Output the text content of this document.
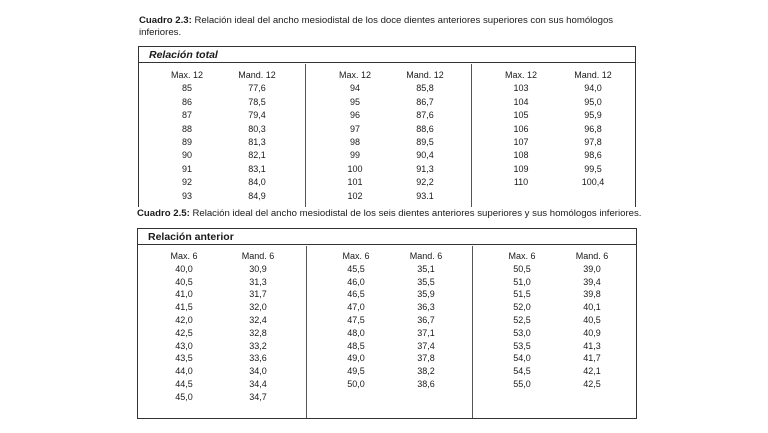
Cuadro 2.3: Relación ideal del ancho mesiodistal de los doce dientes anteriores superiores con sus homólogos inferiores.
Relación total
Max. 12
85
86
87
88
89
90
91
92
93
Mand. 12
77,6
78,5
79,4
80,3
81,3
82,1
83,1
84,0
84,9
Max. 12
94
95
96
97
98
99
100
101
102
Mand. 12
85,8
86,7
87,6
88,6
89,5
90,4
91,3
92,2
93.1
Max. 12
103
104
105
106
107
108
109
110
Mand. 12
94,0
95,0
95,9
96,8
97,8
98,6
99,5
100,4
Cuadro 2.5: Relación ideal del ancho mesiodistal de los seis dientes anteriores superiores y sus homólogos inferiores.
Relación anterior
Max. 6
40,0
40,5
41,0
41,5
42,0
42,5
43,0
43,5
44,0
44,5
45,0
Mand. 6
30,9
31,3
31,7
32,0
32,4
32,8
33,2
33,6
34,0
34,4
34,7
Max. 6
45,5
46,0
46,5
47,0
47,5
48,0
48,5
49,0
49,5
50,0
Mand. 6
35,1
35,5
35,9
36,3
36,7
37,1
37,4
37,8
38,2
38,6
Max. 6
50,5
51,0
51,5
52,0
52,5
53,0
53,5
54,0
54,5
55,0
Mand. 6
39,0
39,4
39,8
40,1
40,5
40,9
41,3
41,7
42,1
42,5
